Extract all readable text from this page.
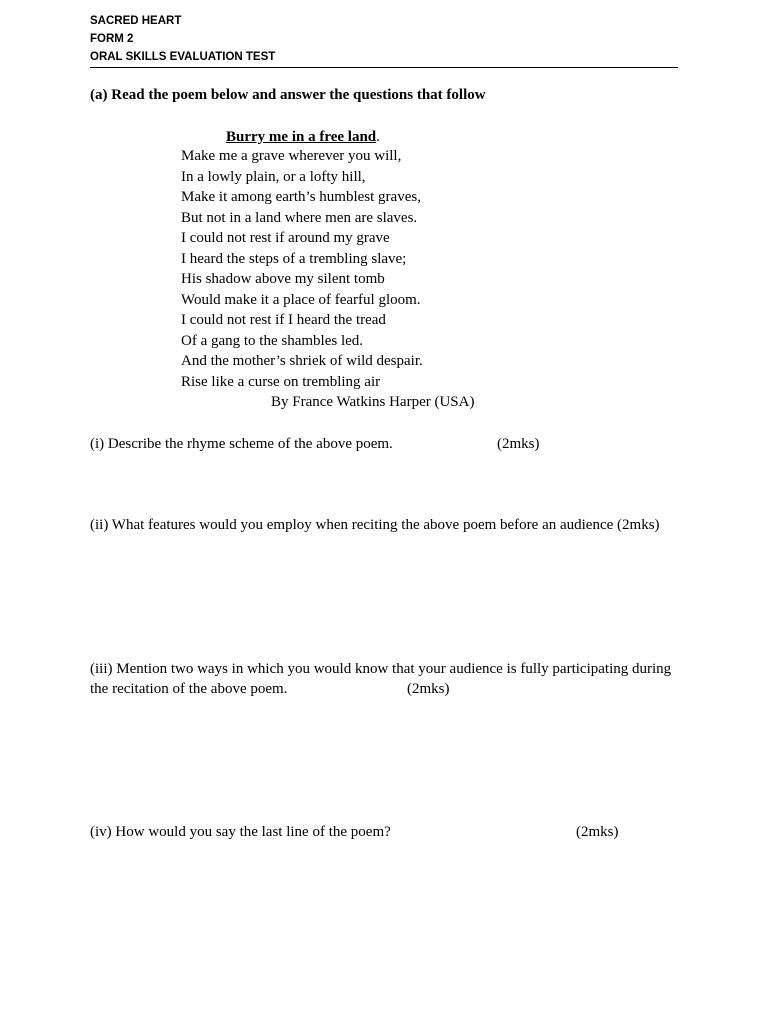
SACRED HEART
FORM 2
ORAL SKILLS EVALUATION TEST
(a) Read the poem below and answer the questions that follow
Burry me in a free land.
Make me a grave wherever you will,
In a lowly plain, or a lofty hill,
Make it among earth’s humblest graves,
But not in a land where men are slaves.
I could not rest if around my grave
I heard the steps of a trembling slave;
His shadow above my silent tomb
Would make it a place of fearful gloom.
I could not rest if I heard the tread
Of a gang to the shambles led.
And the mother’s shriek of wild despair.
Rise like a curse on trembling air
By France Watkins Harper (USA)
(i) Describe the rhyme scheme of the above poem.	(2mks)
(ii) What features would you employ when reciting the above poem before an audience (2mks)
(iii) Mention two ways in which you would know that your audience is fully participating during
the recitation of the above poem.	(2mks)
(iv) How would you say the last line of the poem?	(2mks)
